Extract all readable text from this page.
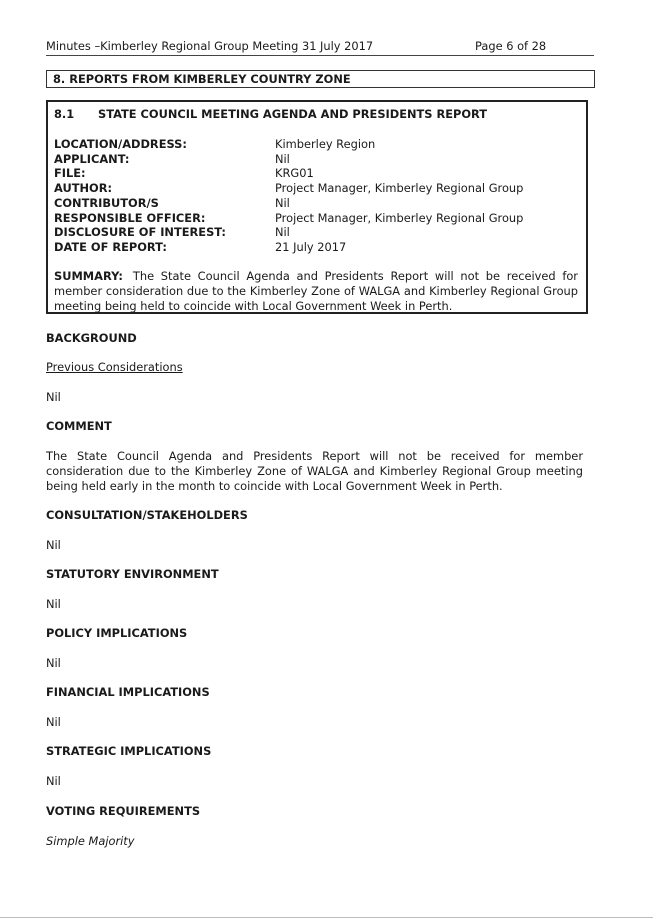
Minutes –Kimberley Regional Group Meeting 31 July 2017	Page 6 of 28
8. REPORTS FROM KIMBERLEY COUNTRY ZONE
8.1 STATE COUNCIL MEETING AGENDA AND PRESIDENTS REPORT
LOCATION/ADDRESS:	Kimberley Region
APPLICANT:	Nil
FILE:	KRG01
AUTHOR:	Project Manager, Kimberley Regional Group
CONTRIBUTOR/S	Nil
RESPONSIBLE OFFICER:	Project Manager, Kimberley Regional Group
DISCLOSURE OF INTEREST:	Nil
DATE OF REPORT:	21 July 2017
SUMMARY: The State Council Agenda and Presidents Report will not be received for member consideration due to the Kimberley Zone of WALGA and Kimberley Regional Group meeting being held to coincide with Local Government Week in Perth.
BACKGROUND
Previous Considerations
Nil
COMMENT
The State Council Agenda and Presidents Report will not be received for member consideration due to the Kimberley Zone of WALGA and Kimberley Regional Group meeting being held early in the month to coincide with Local Government Week in Perth.
CONSULTATION/STAKEHOLDERS
Nil
STATUTORY ENVIRONMENT
Nil
POLICY IMPLICATIONS
Nil
FINANCIAL IMPLICATIONS
Nil
STRATEGIC IMPLICATIONS
Nil
VOTING REQUIREMENTS
Simple Majority
